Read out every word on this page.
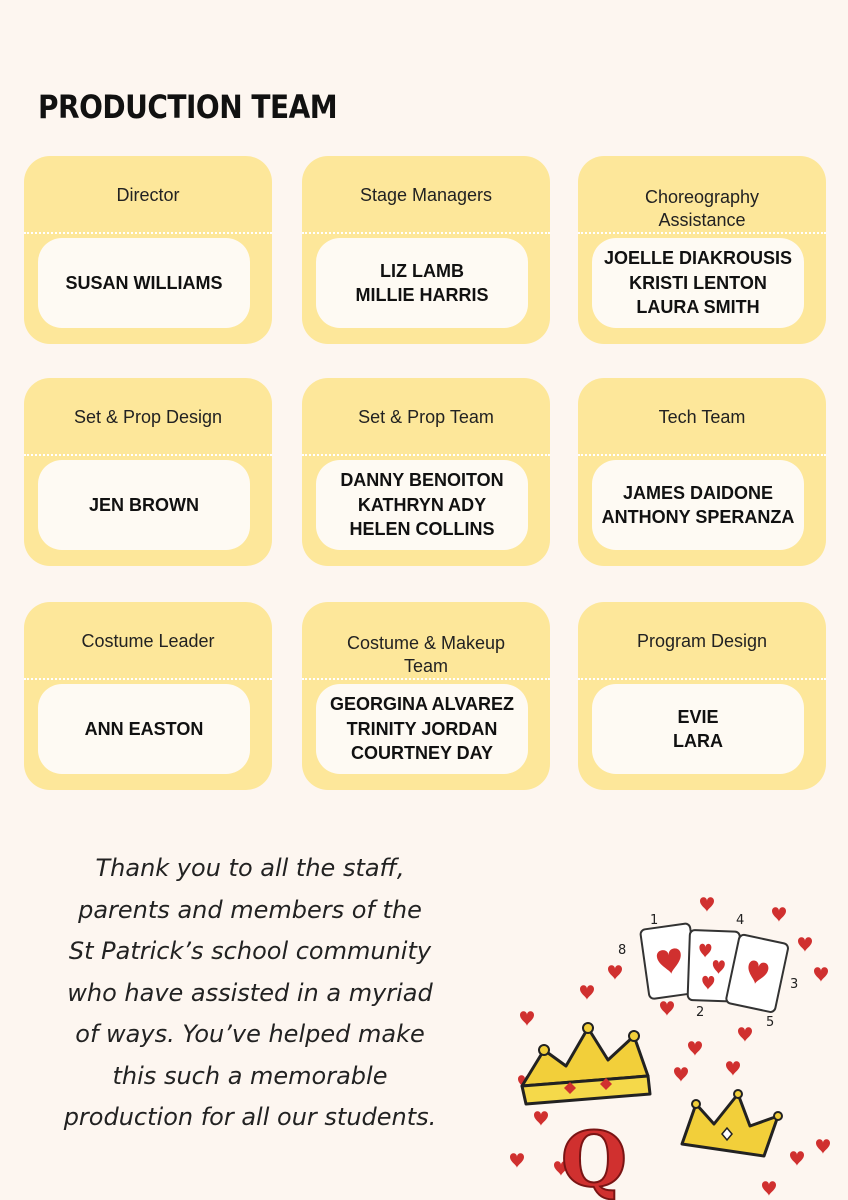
PRODUCTION TEAM
Director
SUSAN WILLIAMS
Stage Managers
LIZ LAMB
MILLIE HARRIS
Choreography Assistance
JOELLE DIAKROUSIS
KRISTI LENTON
LAURA SMITH
Set & Prop Design
JEN BROWN
Set & Prop Team
DANNY BENOITON
KATHRYN ADY
HELEN COLLINS
Tech Team
JAMES DAIDONE
ANTHONY SPERANZA
Costume Leader
ANN EASTON
Costume & Makeup Team
GEORGINA ALVAREZ
TRINITY JORDAN
COURTNEY DAY
Program Design
EVIE
LARA
Thank you to all the staff,
parents and members of the
St Patrick’s school community
who have assisted in a myriad
of ways. You’ve helped make
this such a memorable
production for all our students.
1	4
8
3
2
5
Q
